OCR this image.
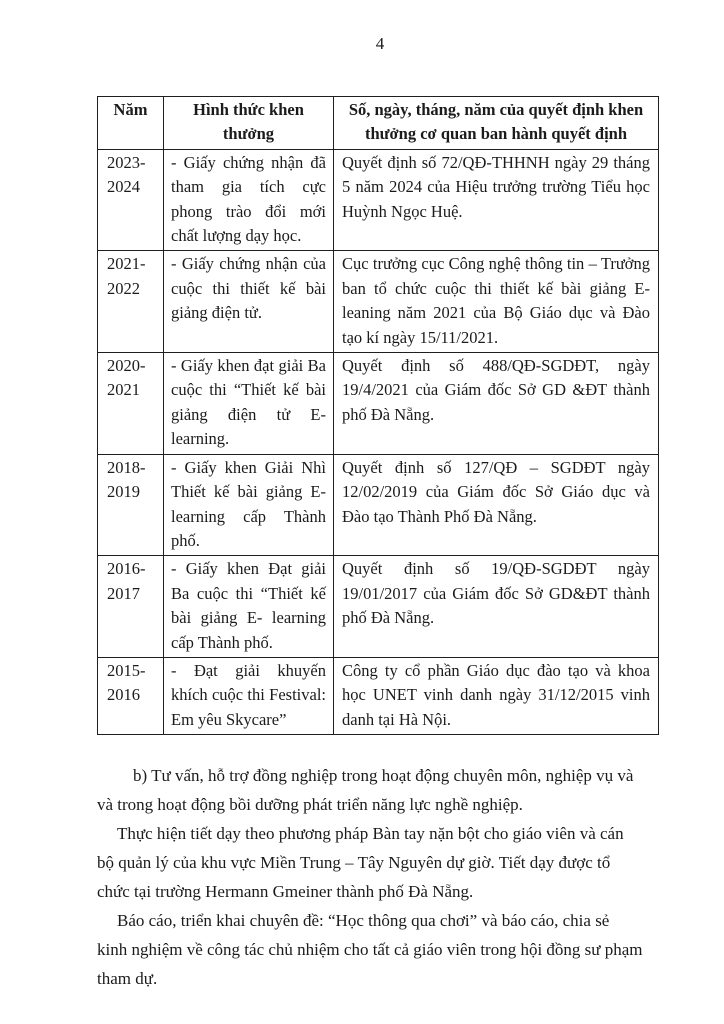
4
Năm	Hình thức khen thưởng	Số, ngày, tháng, năm của quyết định khen thưởng cơ quan ban hành quyết định
2023-2024	- Giấy chứng nhận đã tham gia tích cực phong trào đổi mới chất lượng dạy học.	Quyết định số 72/QĐ-THHNH ngày 29 tháng 5 năm 2024 của Hiệu trưởng trường Tiểu học Huỳnh Ngọc Huệ.
2021-2022	- Giấy chứng nhận của cuộc thi thiết kế bài giảng điện tử.	Cục trưởng cục Công nghệ thông tin – Trưởng ban tổ chức cuộc thi thiết kế bài giảng E-leaning năm 2021 của Bộ Giáo dục và Đào tạo kí ngày 15/11/2021.
2020-2021	- Giấy khen đạt giải Ba cuộc thi “Thiết kế bài giảng điện tử E-learning.	Quyết định số 488/QĐ-SGDĐT, ngày 19/4/2021 của Giám đốc Sở GD &ĐT thành phố Đà Nẵng.
2018-2019	- Giấy khen Giải Nhì Thiết kế bài giảng E-learning cấp Thành phố.	Quyết định số 127/QĐ – SGDĐT ngày 12/02/2019 của Giám đốc Sở Giáo dục và Đào tạo Thành Phố Đà Nẵng.
2016-2017	- Giấy khen Đạt giải Ba cuộc thi “Thiết kế bài giảng E- learning cấp Thành phố.	Quyết định số 19/QĐ-SGDĐT ngày 19/01/2017 của Giám đốc Sở GD&ĐT thành phố Đà Nẵng.
2015-2016	- Đạt giải khuyến khích cuộc thi Festival: Em yêu Skycare”	Công ty cổ phần Giáo dục đào tạo và khoa học UNET vinh danh ngày 31/12/2015 vinh danh tại Hà Nội.
b) Tư vấn, hỗ trợ đồng nghiệp trong hoạt động chuyên môn, nghiệp vụ và
và trong hoạt động bồi dưỡng phát triển năng lực nghề nghiệp.
Thực hiện tiết dạy theo phương pháp Bàn tay nặn bột cho giáo viên và cán
bộ quản lý của khu vực Miền Trung – Tây Nguyên dự giờ. Tiết dạy được tổ
chức tại trường Hermann Gmeiner thành phố Đà Nẵng.
Báo cáo, triển khai chuyên đề: “Học thông qua chơi” và báo cáo, chia sẻ
kinh nghiệm về công tác chủ nhiệm cho tất cả giáo viên trong hội đồng sư phạm
tham dự.
